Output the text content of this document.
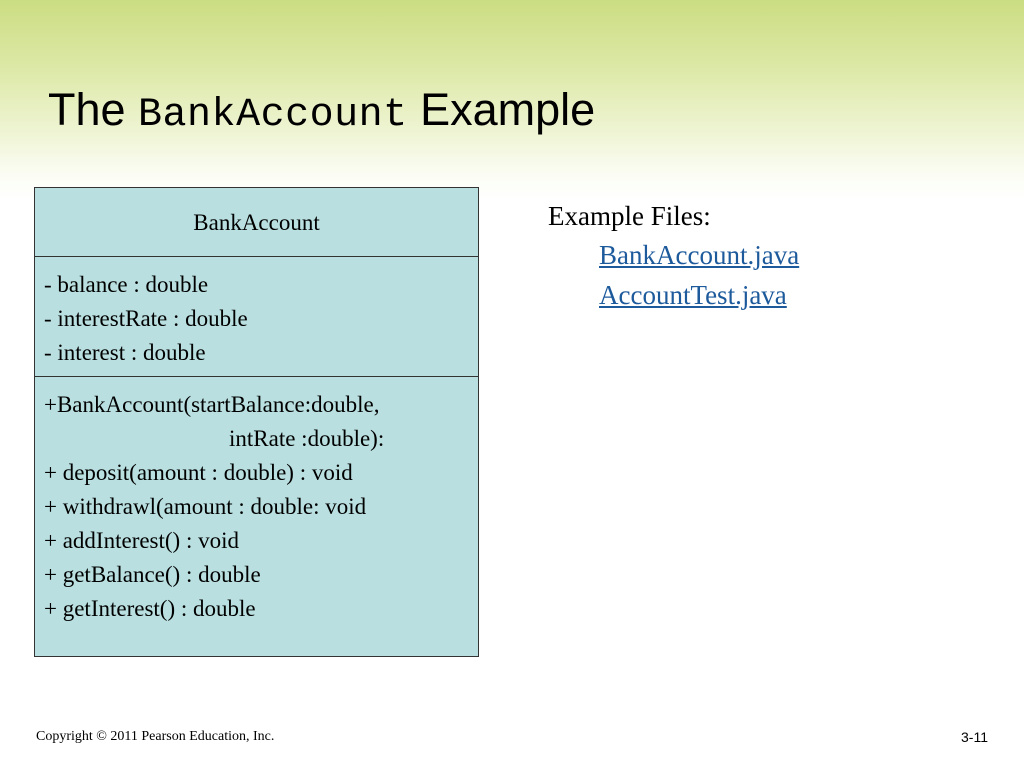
The BankAccount Example
BankAccount
- balance : double
- interestRate : double
- interest : double
+BankAccount(startBalance:double,
intRate :double):
+ deposit(amount : double) : void
+ withdrawl(amount : double: void
+ addInterest() : void
+ getBalance() : double
+ getInterest() : double
Example Files:
BankAccount.java
AccountTest.java
Copyright © 2011 Pearson Education, Inc.	3-11
